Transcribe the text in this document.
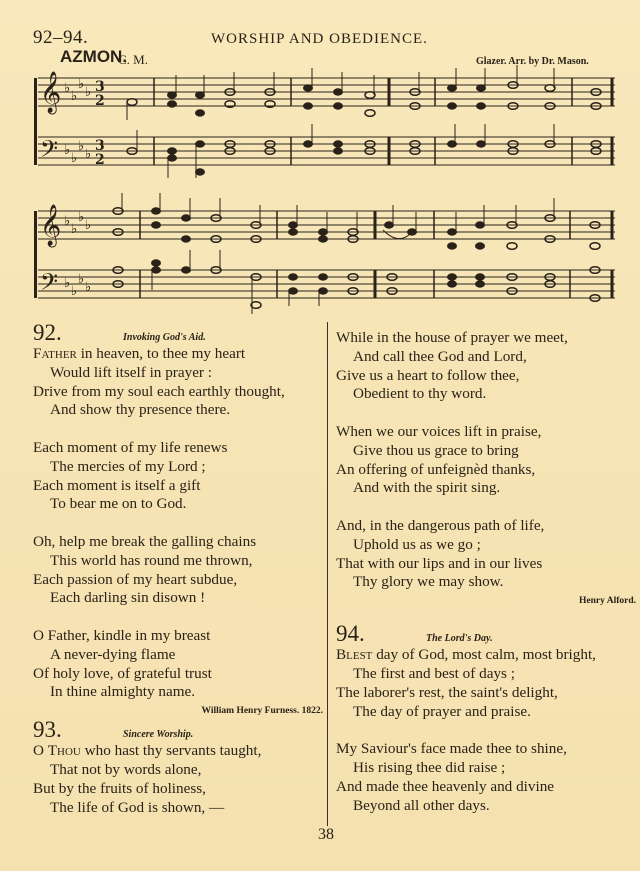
92–94.	WORSHIP AND OBEDIENCE.
AZMON.
C. M.	Glazer. Arr. by Dr. Mason.
𝄞
𝄢
𝄞
𝄢
♭
♭
♭
♭
♭
♭
♭
♭
♭
♭
♭
♭
♭
♭
♭
♭
3
2
3
2
92.	Invoking God's Aid.
Father in heaven, to thee my heart
Would lift itself in prayer :
Drive from my soul each earthly thought,
And show thy presence there.
Each moment of my life renews
The mercies of my Lord ;
Each moment is itself a gift
To bear me on to God.
Oh, help me break the galling chains
This world has round me thrown,
Each passion of my heart subdue,
Each darling sin disown !
O Father, kindle in my breast
A never-dying flame
Of holy love, of grateful trust
In thine almighty name.
William Henry Furness. 1822.
93.	Sincere Worship.
O Thou who hast thy servants taught,
That not by words alone,
But by the fruits of holiness,
The life of God is shown, —
While in the house of prayer we meet,
And call thee God and Lord,
Give us a heart to follow thee,
Obedient to thy word.
When we our voices lift in praise,
Give thou us grace to bring
An offering of unfeignèd thanks,
And with the spirit sing.
And, in the dangerous path of life,
Uphold us as we go ;
That with our lips and in our lives
Thy glory we may show.
Henry Alford.
94.	The Lord's Day.
Blest day of God, most calm, most bright,
The first and best of days ;
The laborer's rest, the saint's delight,
The day of prayer and praise.
My Saviour's face made thee to shine,
His rising thee did raise ;
And made thee heavenly and divine
Beyond all other days.
38
